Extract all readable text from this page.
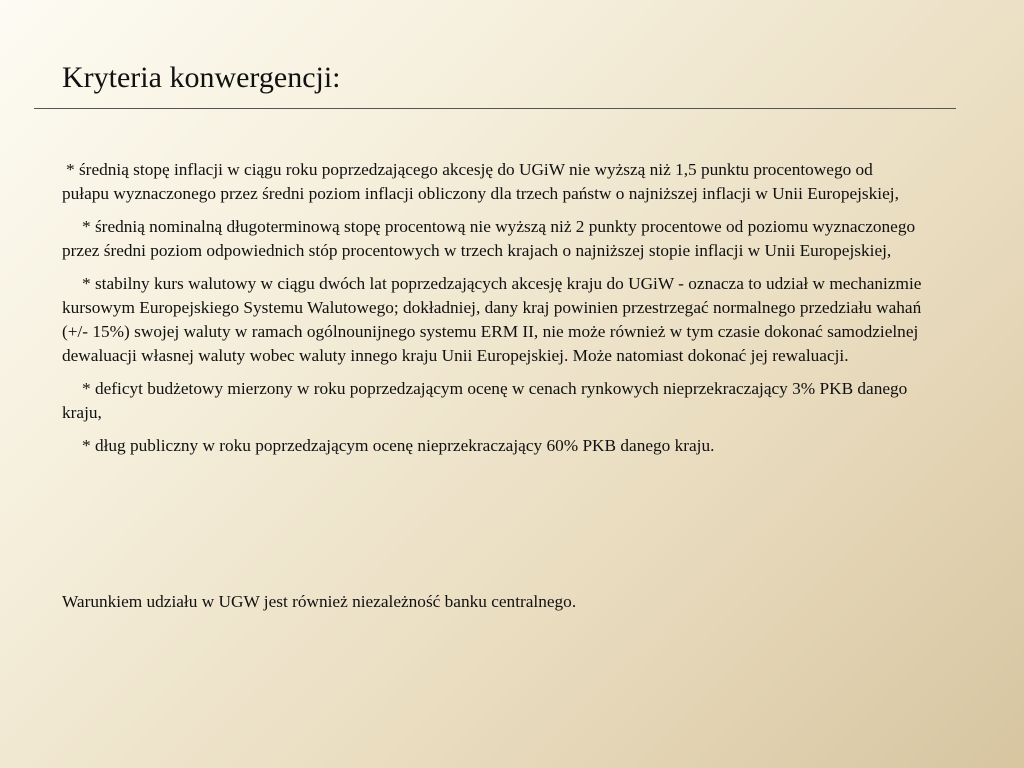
Kryteria konwergencji:

* średnią stopę inflacji w ciągu roku poprzedzającego akcesję do UGiW nie wyższą niż 1,5 punktu procentowego od pułapu wyznaczonego przez średni poziom inflacji obliczony dla trzech państw o najniższej inflacji w Unii Europejskiej,

* średnią nominalną długoterminową stopę procentową nie wyższą niż 2 punkty procentowe od poziomu wyznaczonego przez średni poziom odpowiednich stóp procentowych w trzech krajach o najniższej stopie inflacji w Unii Europejskiej,

* stabilny kurs walutowy w ciągu dwóch lat poprzedzających akcesję kraju do UGiW - oznacza to udział w mechanizmie kursowym Europejskiego Systemu Walutowego; dokładniej, dany kraj powinien przestrzegać normalnego przedziału wahań (+/- 15%) swojej waluty w ramach ogólnounijnego systemu ERM II, nie może również w tym czasie dokonać samodzielnej dewaluacji własnej waluty wobec waluty innego kraju Unii Europejskiej. Może natomiast dokonać jej rewaluacji.

* deficyt budżetowy mierzony w roku poprzedzającym ocenę w cenach rynkowych nieprzekraczający 3% PKB danego kraju,

* dług publiczny w roku poprzedzającym ocenę nieprzekraczający 60% PKB danego kraju.

Warunkiem udziału w UGW jest również niezależność banku centralnego.
